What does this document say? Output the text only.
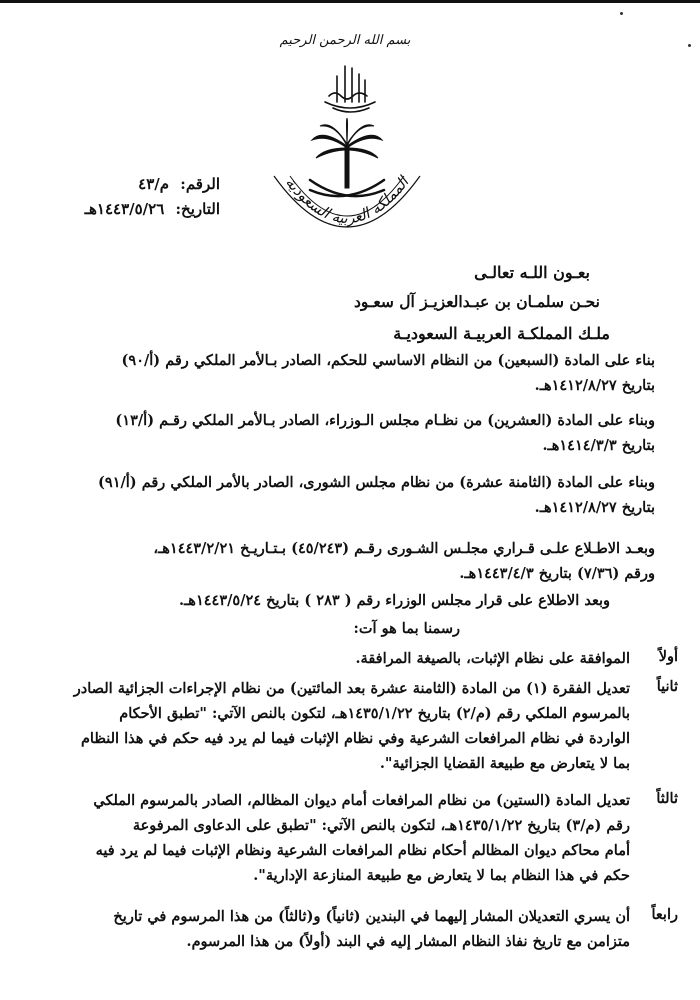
بسم الله الرحمن الرحيم
المملكة العربية السعودية
الرقم: م/٤٣
التاريخ: ١٤٤٣/٥/٢٦هـ
بعـون اللـه تعالـى
نحـن سلمـان بن عبـدالعزيـز آل سعـود
ملـك المملكـة العربيـة السعوديـة
بناء على المادة (السبعين) من النظام الاساسي للحكم، الصادر بـالأمر الملكي رقم (أ/٩٠)
بتاريخ ١٤١٢/٨/٢٧هـ.
وبناء على المادة (العشرين) من نظـام مجلس الـوزراء، الصادر بـالأمر الملكي رقـم (أ/١٣)
بتاريخ ١٤١٤/٣/٣هـ.
وبناء على المادة (الثامنة عشرة) من نظام مجلس الشورى، الصادر بالأمر الملكي رقم (أ/٩١)
بتاريخ ١٤١٢/٨/٢٧هـ.
وبعـد الاطـلاع علـى قـراري مجلـس الشـورى رقـم (٤٥/٢٤٣) بـتـاريـخ ١٤٤٣/٢/٢١هـ،
ورقم (٧/٣٦) بتاريخ ١٤٤٣/٤/٣هـ.
وبعد الاطلاع على قرار مجلس الوزراء رقم ( ٢٨٣ ) بتاريخ ١٤٤٣/٥/٢٤هـ.
رسمنا بما هو آت:
أولاً
الموافقة على نظام الإثبات، بالصيغة المرافقة.
ثانياً
تعديل الفقرة (١) من المادة (الثامنة عشرة بعد المائتين) من نظام الإجراءات الجزائية الصادر
بالمرسوم الملكي رقم (م/٢) بتاريخ ١٤٣٥/١/٢٢هـ، لتكون بالنص الآتي: "تطبق الأحكام
الواردة في نظام المرافعات الشرعية وفي نظام الإثبات فيما لم يرد فيه حكم في هذا النظام
بما لا يتعارض مع طبيعة القضايا الجزائية".
ثالثاً
تعديل المادة (الستين) من نظام المرافعات أمام ديوان المظالم، الصادر بالمرسوم الملكي
رقم (م/٣) بتاريخ ١٤٣٥/١/٢٢هـ، لتكون بالنص الآتي: "تطبق على الدعاوى المرفوعة
أمام محاكم ديوان المظالم أحكام نظام المرافعات الشرعية ونظام الإثبات فيما لم يرد فيه
حكم في هذا النظام بما لا يتعارض مع طبيعة المنازعة الإدارية".
رابعاً
أن يسري التعديلان المشار إليهما في البندين (ثانياً) و(ثالثاً) من هذا المرسوم في تاريخ
متزامن مع تاريخ نفاذ النظام المشار إليه في البند (أولاً) من هذا المرسوم.
